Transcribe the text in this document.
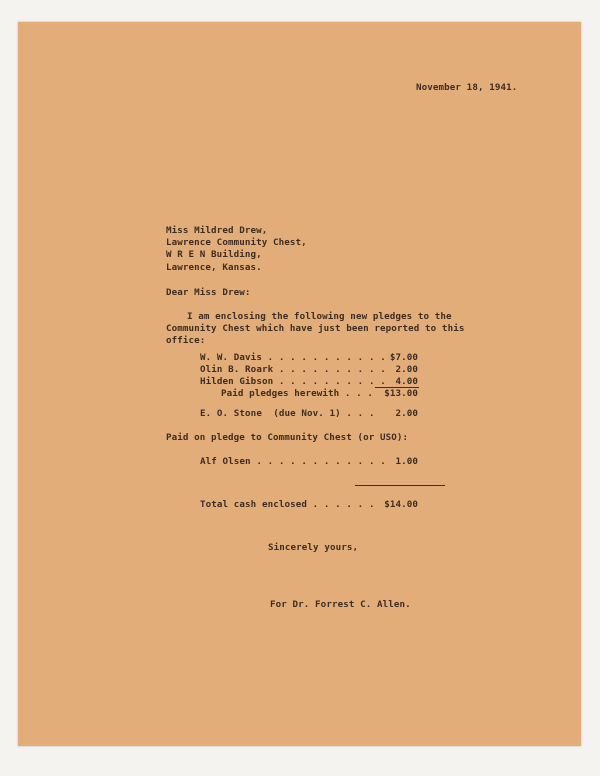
November 18, 1941.
Miss Mildred Drew,
Lawrence Community Chest,
W R E N Building,
Lawrence, Kansas.
Dear Miss Drew:
I am enclosing the following new pledges to the
Community Chest which have just been reported to this
office:
W. W. Davis . . . . . . . . . . . $7.00
Olin B. Roark . . . . . . . . . .	2.00
Hilden Gibson . . . . . . . . . .	4.00
Paid pledges herewith . . .	$13.00
E. O. Stone  (due Nov. 1) . . .	2.00
Paid on pledge to Community Chest (or USO):
Alf Olsen . . . . . . . . . . . .	1.00
Total cash enclosed . . . . . .	$14.00
Sincerely yours,
For Dr. Forrest C. Allen.
